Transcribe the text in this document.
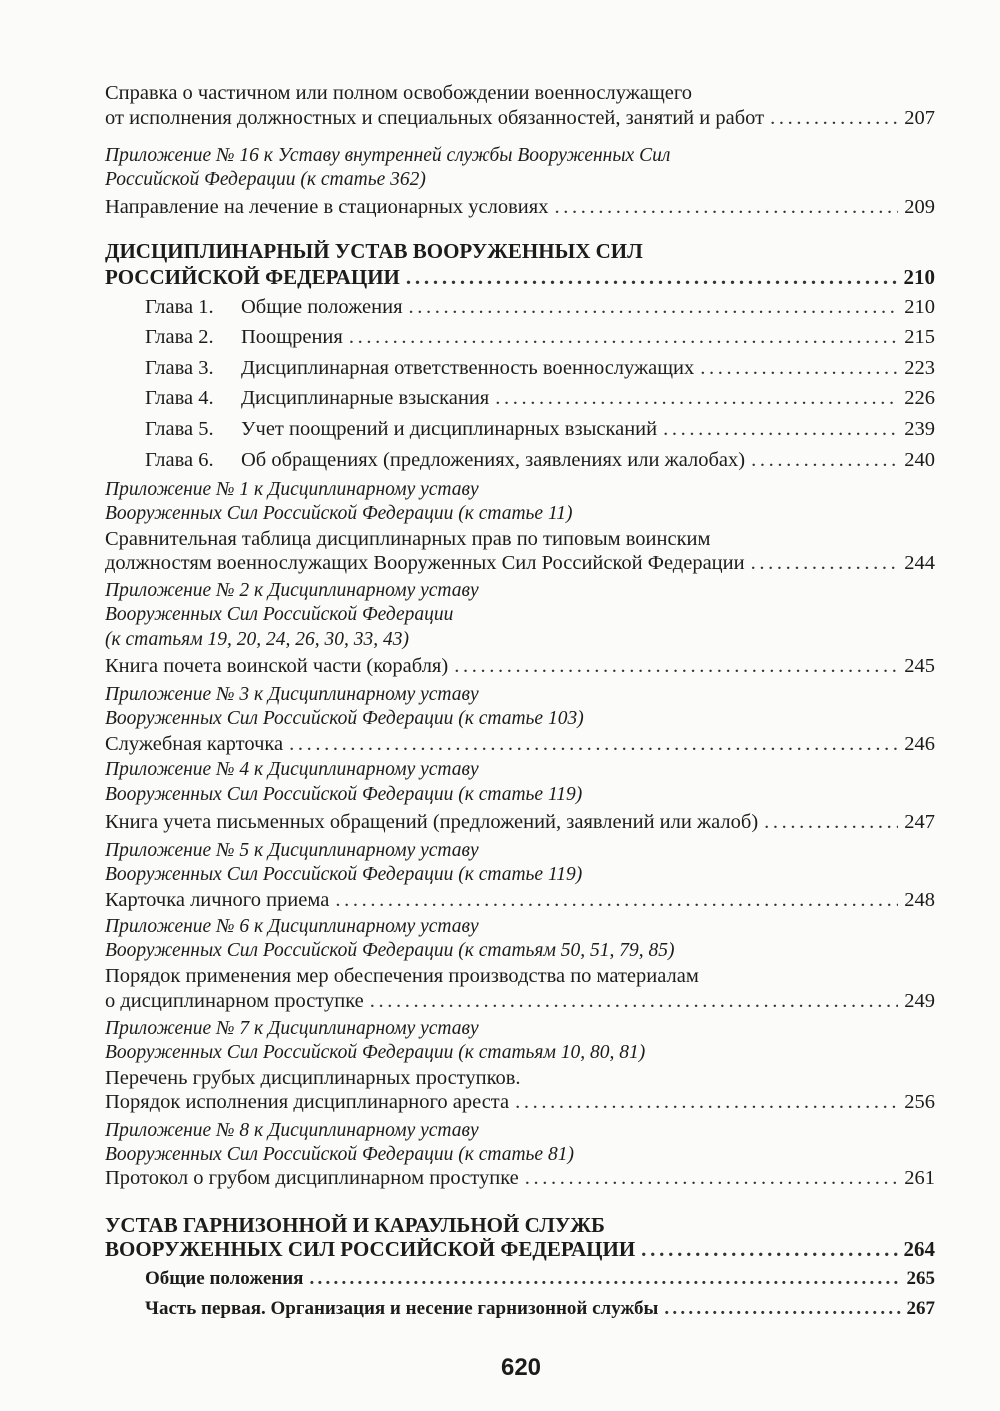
Справка о частичном или полном освобождении военнослужащего
от исполнения должностных и специальных обязанностей, занятий и работ . . .	207
Приложение № 16 к Уставу внутренней службы Вооруженных Сил
Российской Федерации (к статье 362)
Направление на лечение в стационарных условиях . . .	209
ДИСЦИПЛИНАРНЫЙ УСТАВ ВООРУЖЕННЫХ СИЛ
РОССИЙСКОЙ ФЕДЕРАЦИИ . . .	210
Глава 1.	Общие положения . . .	210
Глава 2.	Поощрения . . .	215
Глава 3.	Дисциплинарная ответственность военнослужащих . . .	223
Глава 4.	Дисциплинарные взыскания . . .	226
Глава 5.	Учет поощрений и дисциплинарных взысканий . . .	239
Глава 6.	Об обращениях (предложениях, заявлениях или жалобах) . . .	240
Приложение № 1 к Дисциплинарному уставу
Вооруженных Сил Российской Федерации (к статье 11)
Сравнительная таблица дисциплинарных прав по типовым воинским
должностям военнослужащих Вооруженных Сил Российской Федерации . . .	244
Приложение № 2 к Дисциплинарному уставу
Вооруженных Сил Российской Федерации
(к статьям 19, 20, 24, 26, 30, 33, 43)
Книга почета воинской части (корабля) . . .	245
Приложение № 3 к Дисциплинарному уставу
Вооруженных Сил Российской Федерации (к статье 103)
Служебная карточка . . .	246
Приложение № 4 к Дисциплинарному уставу
Вооруженных Сил Российской Федерации (к статье 119)
Книга учета письменных обращений (предложений, заявлений или жалоб) . . .	247
Приложение № 5 к Дисциплинарному уставу
Вооруженных Сил Российской Федерации (к статье 119)
Карточка личного приема . . .	248
Приложение № 6 к Дисциплинарному уставу
Вооруженных Сил Российской Федерации (к статьям 50, 51, 79, 85)
Порядок применения мер обеспечения производства по материалам
о дисциплинарном проступке . . .	249
Приложение № 7 к Дисциплинарному уставу
Вооруженных Сил Российской Федерации (к статьям 10, 80, 81)
Перечень грубых дисциплинарных проступков.
Порядок исполнения дисциплинарного ареста . . .	256
Приложение № 8 к Дисциплинарному уставу
Вооруженных Сил Российской Федерации (к статье 81)
Протокол о грубом дисциплинарном проступке . . .	261
УСТАВ ГАРНИЗОННОЙ И КАРАУЛЬНОЙ СЛУЖБ
ВООРУЖЕННЫХ СИЛ РОССИЙСКОЙ ФЕДЕРАЦИИ . . .	264
Общие положения . . .	265
Часть первая. Организация и несение гарнизонной службы . . .	267
620
